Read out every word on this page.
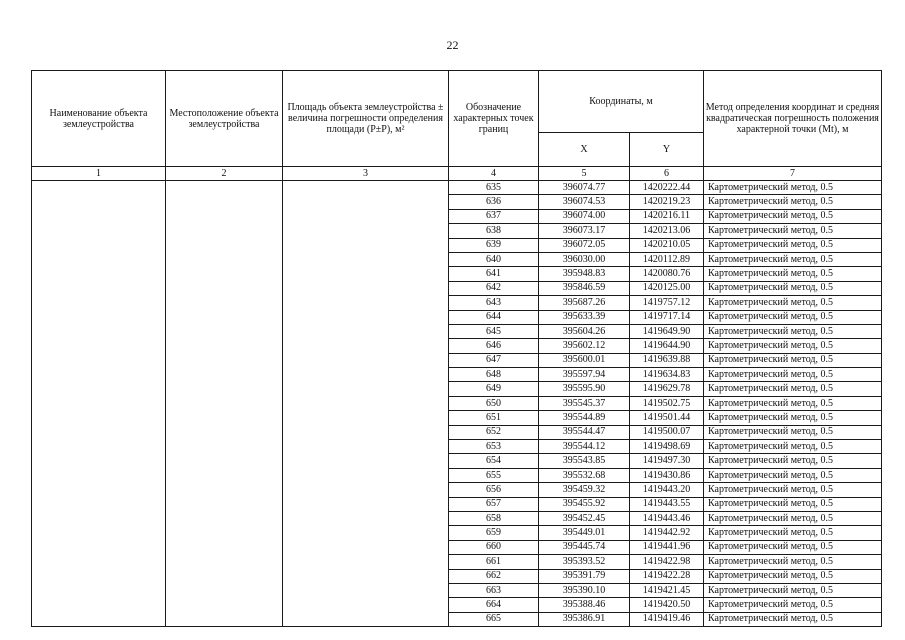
22
Наименование объекта землеустройства	Местоположение объекта землеустройства	Площадь объекта землеустройства ± величина погрешности определения площади (P±P), м²	Обозначение характерных точек границ	Координаты, м		Метод определения координат и средняя квадратическая погрешность положения характерной точки (Mt), м
				X	Y	
1	2	3	4	5	6	7
			635	396074.77	1420222.44	Картометрический метод, 0.5
			636	396074.53	1420219.23	Картометрический метод, 0.5
			637	396074.00	1420216.11	Картометрический метод, 0.5
			638	396073.17	1420213.06	Картометрический метод, 0.5
			639	396072.05	1420210.05	Картометрический метод, 0.5
			640	396030.00	1420112.89	Картометрический метод, 0.5
			641	395948.83	1420080.76	Картометрический метод, 0.5
			642	395846.59	1420125.00	Картометрический метод, 0.5
			643	395687.26	1419757.12	Картометрический метод, 0.5
			644	395633.39	1419717.14	Картометрический метод, 0.5
			645	395604.26	1419649.90	Картометрический метод, 0.5
			646	395602.12	1419644.90	Картометрический метод, 0.5
			647	395600.01	1419639.88	Картометрический метод, 0.5
			648	395597.94	1419634.83	Картометрический метод, 0.5
			649	395595.90	1419629.78	Картометрический метод, 0.5
			650	395545.37	1419502.75	Картометрический метод, 0.5
			651	395544.89	1419501.44	Картометрический метод, 0.5
			652	395544.47	1419500.07	Картометрический метод, 0.5
			653	395544.12	1419498.69	Картометрический метод, 0.5
			654	395543.85	1419497.30	Картометрический метод, 0.5
			655	395532.68	1419430.86	Картометрический метод, 0.5
			656	395459.32	1419443.20	Картометрический метод, 0.5
			657	395455.92	1419443.55	Картометрический метод, 0.5
			658	395452.45	1419443.46	Картометрический метод, 0.5
			659	395449.01	1419442.92	Картометрический метод, 0.5
			660	395445.74	1419441.96	Картометрический метод, 0.5
			661	395393.52	1419422.98	Картометрический метод, 0.5
			662	395391.79	1419422.28	Картометрический метод, 0.5
			663	395390.10	1419421.45	Картометрический метод, 0.5
			664	395388.46	1419420.50	Картометрический метод, 0.5
			665	395386.91	1419419.46	Картометрический метод, 0.5
